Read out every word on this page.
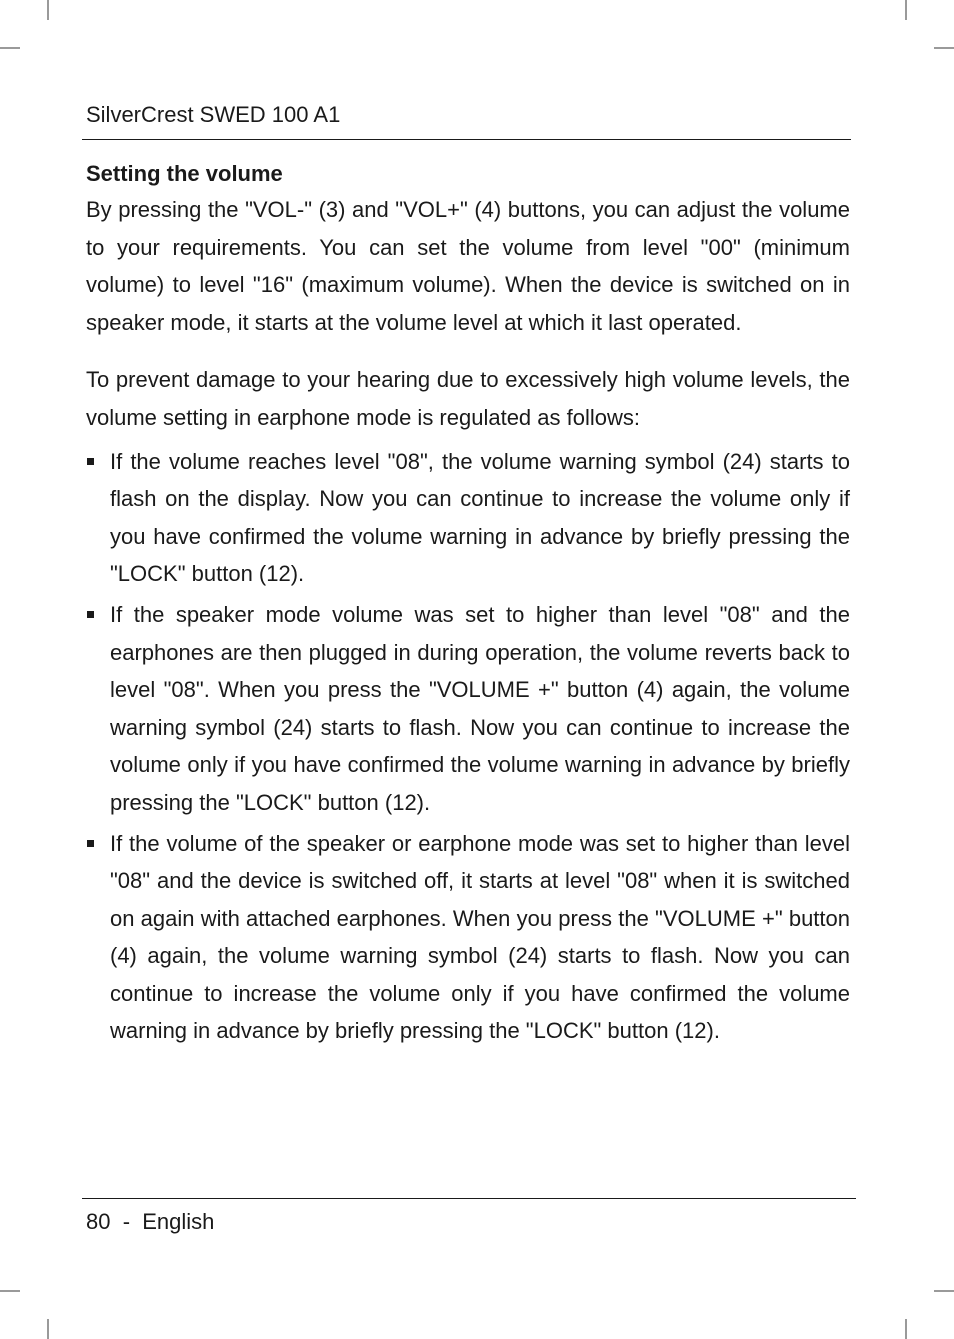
SilverCrest SWED 100 A1
Setting the volume

By pressing the "VOL-" (3) and "VOL+" (4) buttons, you can adjust the volume to your requirements. You can set the volume from level "00" (minimum volume) to level "16" (maximum volume). When the device is switched on in speaker mode, it starts at the volume level at which it last operated.

To prevent damage to your hearing due to excessively high volume levels, the volume setting in earphone mode is regulated as follows:

If the volume reaches level "08", the volume warning symbol (24) starts to flash on the display. Now you can continue to increase the volume only if you have confirmed the volume warning in advance by briefly pressing the "LOCK" button (12).
If the speaker mode volume was set to higher than level "08" and the earphones are then plugged in during operation, the volume reverts back to level "08". When you press the "VOLUME +" button (4) again, the volume warning symbol (24) starts to flash. Now you can continue to increase the volume only if you have confirmed the volume warning in advance by briefly pressing the "LOCK" button (12).
If the volume of the speaker or earphone mode was set to higher than level "08" and the device is switched off, it starts at level "08" when it is switched on again with attached earphones. When you press the "VOLUME +" button (4) again, the volume warning symbol (24) starts to flash. Now you can continue to increase the volume only if you have confirmed the volume warning in advance by briefly pressing the "LOCK" button (12).
80  -  English
